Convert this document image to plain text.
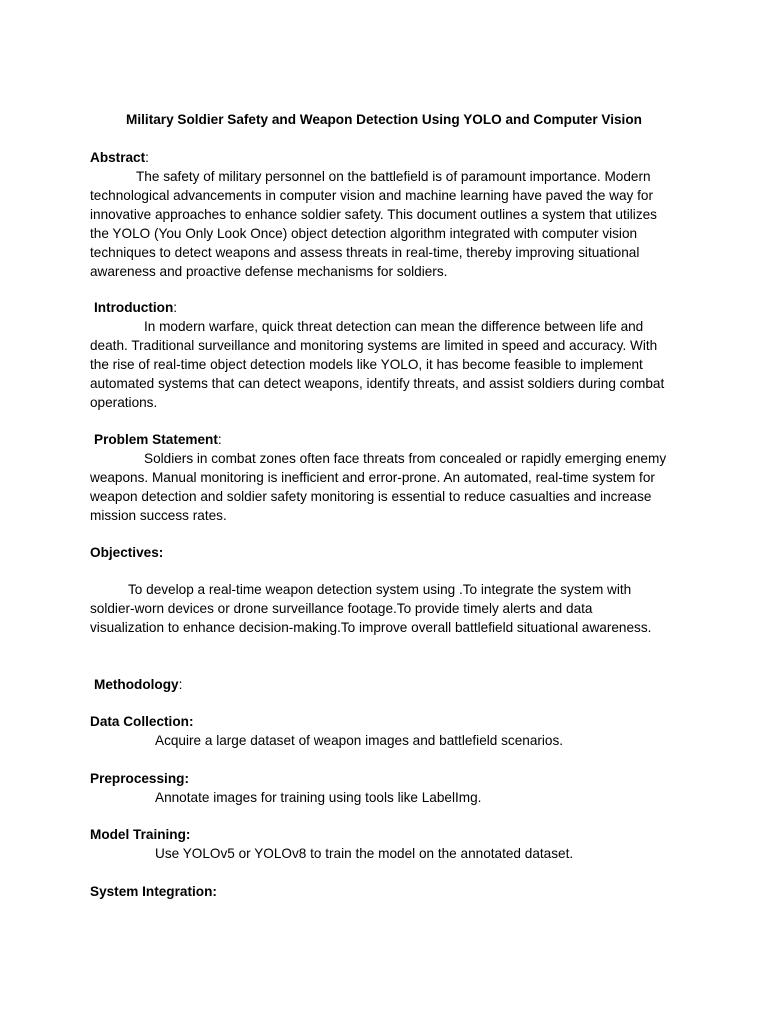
Military Soldier Safety and Weapon Detection Using YOLO and Computer Vision
Abstract:
The safety of military personnel on the battlefield is of paramount importance. Modern
technological advancements in computer vision and machine learning have paved the way for
innovative approaches to enhance soldier safety. This document outlines a system that utilizes
the YOLO (You Only Look Once) object detection algorithm integrated with computer vision
techniques to detect weapons and assess threats in real-time, thereby improving situational
awareness and proactive defense mechanisms for soldiers.
Introduction:
In modern warfare, quick threat detection can mean the difference between life and
death. Traditional surveillance and monitoring systems are limited in speed and accuracy. With
the rise of real-time object detection models like YOLO, it has become feasible to implement
automated systems that can detect weapons, identify threats, and assist soldiers during combat
operations.
Problem Statement:
Soldiers in combat zones often face threats from concealed or rapidly emerging enemy
weapons. Manual monitoring is inefficient and error-prone. An automated, real-time system for
weapon detection and soldier safety monitoring is essential to reduce casualties and increase
mission success rates.
Objectives:
To develop a real-time weapon detection system using .To integrate the system with
soldier-worn devices or drone surveillance footage.To provide timely alerts and data
visualization to enhance decision-making.To improve overall battlefield situational awareness.
Methodology:
Data Collection:
Acquire a large dataset of weapon images and battlefield scenarios.
Preprocessing:
Annotate images for training using tools like LabelImg.
Model Training:
Use YOLOv5 or YOLOv8 to train the model on the annotated dataset.
System Integration:
